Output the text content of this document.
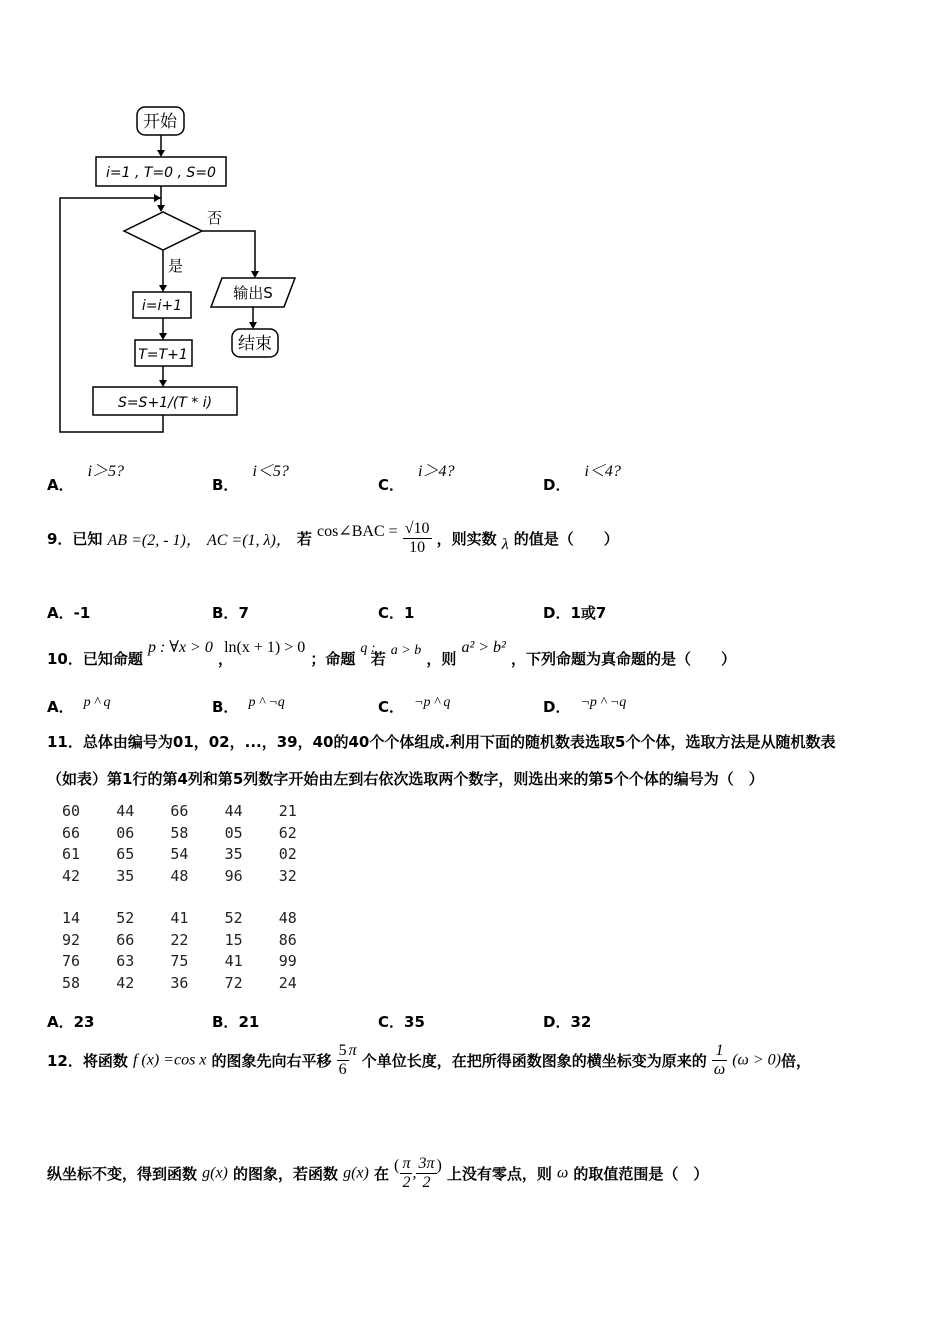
开始
i=1 , T=0 , S=0
否
是
i=i+1
T=T+1
S=S+1/(T * i)
输出S
结束
A．i＞5?
B．i＜5?
C．i＞4?
D．i＜4?
9．已知 AB =(2, - 1)， AC =(1, λ)， 若 cos∠BAC = $\frac{√10}{10}$ ，则实数 λ 的值是（　　）
A．-1	B．7	C．1	D．1或7
10．已知命题 p : ∀x > 0 ， ln(x + 1) > 0 ；命题 q : 若 a > b ，则 a² > b² ，下列命题为真命题的是（　　）
A． p ^ q	B． p ^ ¬q	C． ¬p ^ q	D． ¬p ^ ¬q
11．总体由编号为01，02，...，39，40的40个个体组成.利用下面的随机数表选取5个个体，选取方法是从随机数表
（如表）第1行的第4列和第5列数字开始由左到右依次选取两个数字，则选出来的第5个个体的编号为（　）
60 44 66 44 21
66 06 58 05 62
61 65 54 35 02
42 35 48 96 32
14 52 41 52 48
92 66 22 15 86
76 63 75 41 99
58 42 36 72 24
A．23	B．21	C．35	D．32
12．将函数 f (x) =cos x 的图象先向右平移 $\frac{5}{6}$ π 个单位长度，在把所得函数图象的横坐标变为原来的 $\frac{1}{\omega} (\omega > 0)$倍，
纵坐标不变，得到函数 g(x) 的图象，若函数 g(x) 在 ( $\frac{\pi}{2}$ , $\frac{3\pi}{2}$ ) 上没有零点，则 ω 的取值范围是（　）
